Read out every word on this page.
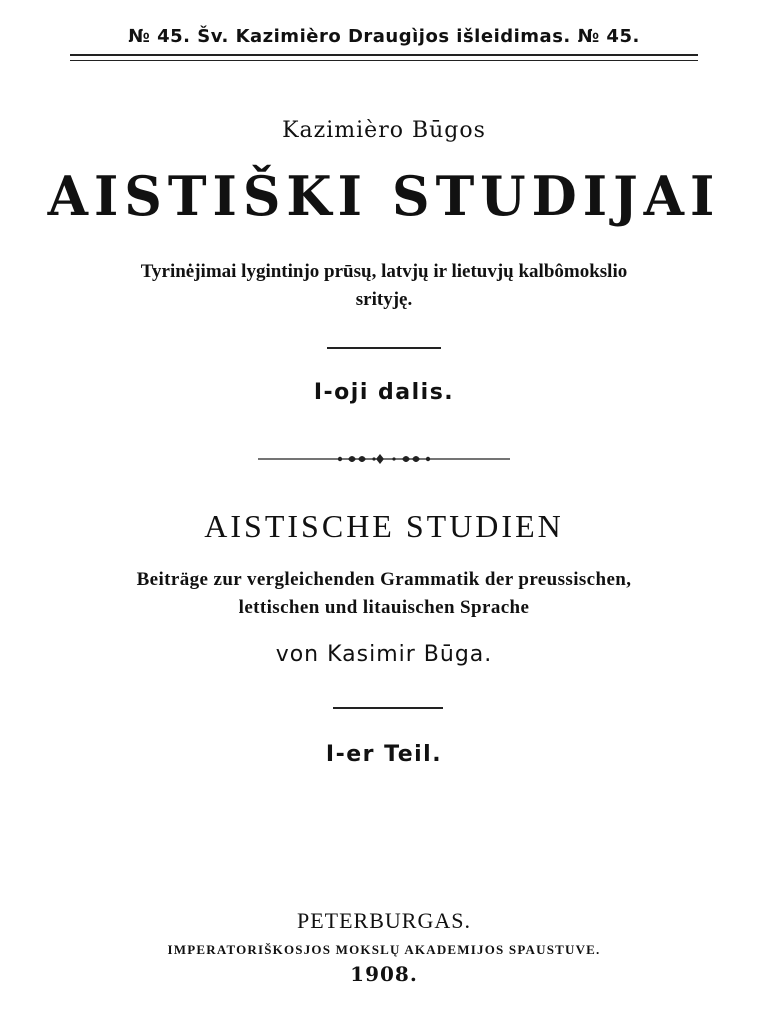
№ 45. Šv. Kazimièro Draugìjos išleidimas. № 45.
Kazimièro Būgos
AISTIŠKI STUDIJAI
Tyrinėjimai lygintinjo prūsų, latvjų ir lietuvjų kalbômokslio
srityję.
I-oji dalis.
AISTISCHE STUDIEN
Beiträge zur vergleichenden Grammatik der preussischen,
lettischen und litauischen Sprache
von Kasimir Būga.
I-er Teil.
PETERBURGAS.
IMPERATORIŠKOSJOS MOKSLŲ AKADEMIJOS SPAUSTUVE.
1908.
